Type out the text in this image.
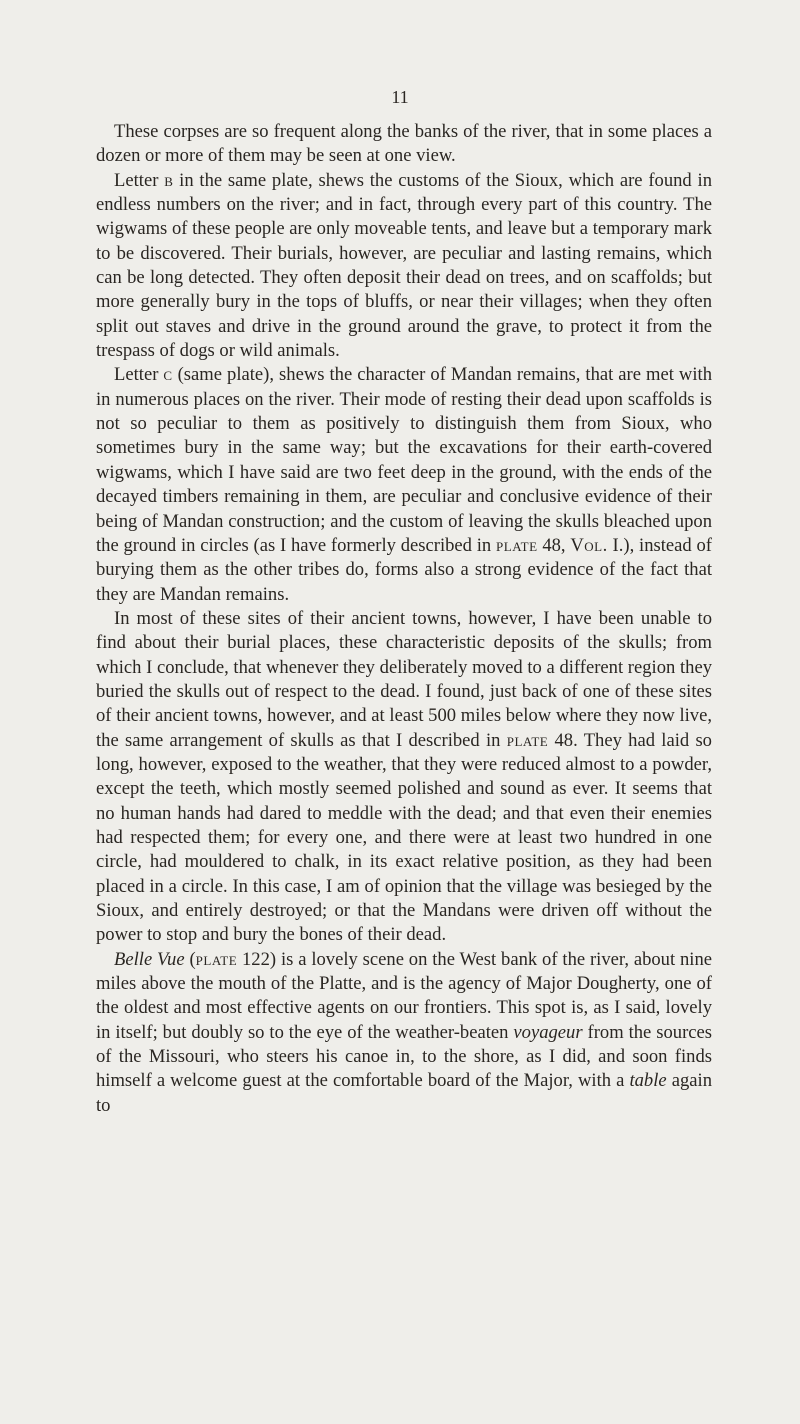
11

These corpses are so frequent along the banks of the river, that in some places a dozen or more of them may be seen at one view.

Letter b in the same plate, shews the customs of the Sioux, which are found in endless numbers on the river; and in fact, through every part of this country. The wigwams of these people are only moveable tents, and leave but a temporary mark to be discovered. Their burials, however, are peculiar and lasting remains, which can be long detected. They often deposit their dead on trees, and on scaffolds; but more generally bury in the tops of bluffs, or near their villages; when they often split out staves and drive in the ground around the grave, to protect it from the trespass of dogs or wild animals.

Letter c (same plate), shews the character of Mandan remains, that are met with in numerous places on the river. Their mode of resting their dead upon scaffolds is not so peculiar to them as positively to distinguish them from Sioux, who sometimes bury in the same way; but the excavations for their earth-covered wigwams, which I have said are two feet deep in the ground, with the ends of the decayed timbers remaining in them, are peculiar and conclusive evidence of their being of Mandan construction; and the custom of leaving the skulls bleached upon the ground in circles (as I have formerly described in plate 48, Vol. I.), instead of burying them as the other tribes do, forms also a strong evidence of the fact that they are Mandan remains.

In most of these sites of their ancient towns, however, I have been unable to find about their burial places, these characteristic deposits of the skulls; from which I conclude, that whenever they deliberately moved to a different region they buried the skulls out of respect to the dead. I found, just back of one of these sites of their ancient towns, however, and at least 500 miles below where they now live, the same arrangement of skulls as that I described in plate 48. They had laid so long, however, exposed to the weather, that they were reduced almost to a powder, except the teeth, which mostly seemed polished and sound as ever. It seems that no human hands had dared to meddle with the dead; and that even their enemies had respected them; for every one, and there were at least two hundred in one circle, had mouldered to chalk, in its exact relative position, as they had been placed in a circle. In this case, I am of opinion that the village was besieged by the Sioux, and entirely destroyed; or that the Mandans were driven off without the power to stop and bury the bones of their dead.

Belle Vue (plate 122) is a lovely scene on the West bank of the river, about nine miles above the mouth of the Platte, and is the agency of Major Dougherty, one of the oldest and most effective agents on our frontiers. This spot is, as I said, lovely in itself; but doubly so to the eye of the weather-beaten voyageur from the sources of the Missouri, who steers his canoe in, to the shore, as I did, and soon finds himself a welcome guest at the comfortable board of the Major, with a table again to
